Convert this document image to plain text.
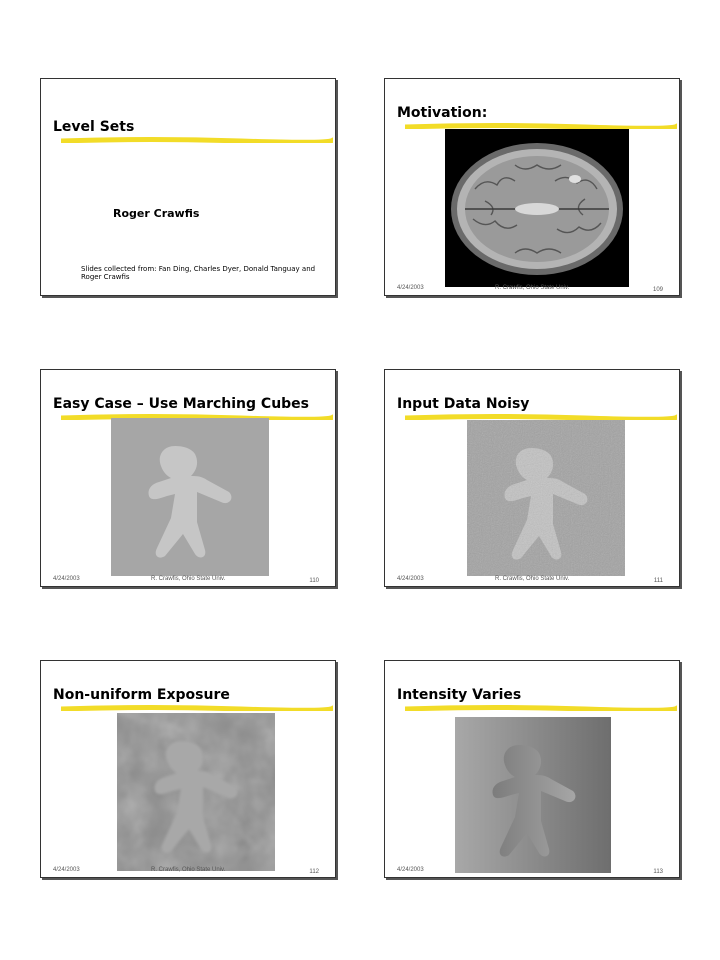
Level Sets
Roger Crawfis
Slides collected from: Fan Ding, Charles Dyer, Donald Tanguay and Roger Crawfis
Motivation:
4/24/2003	R. Crawfis, Ohio State Univ.	109
Easy Case – Use Marching Cubes
4/24/2003	R. Crawfis, Ohio State Univ.	110
Input Data Noisy
4/24/2003	R. Crawfis, Ohio State Univ.	111
Non-uniform Exposure
4/24/2003	R. Crawfis, Ohio State Univ.	112
Intensity Varies
4/24/2003	113
